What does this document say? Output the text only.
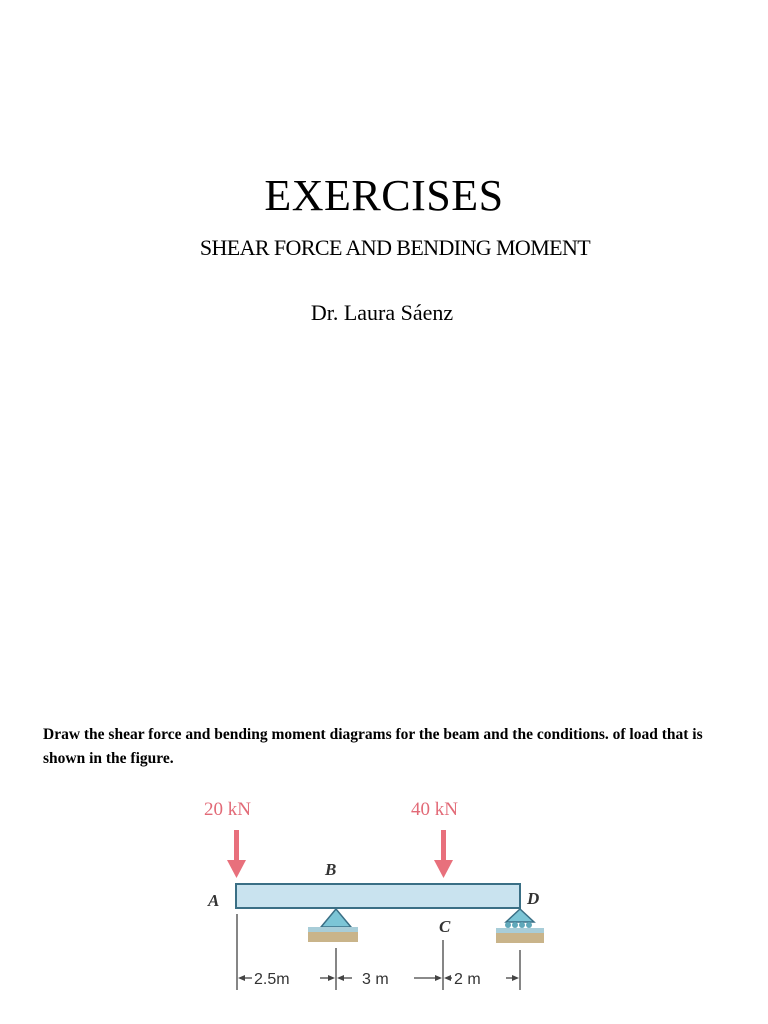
EXERCISES
SHEAR FORCE AND BENDING MOMENT
Dr. Laura Sáenz
Draw the shear force and bending moment diagrams for the beam and the conditions. of load that is shown in the figure.
20 kN	40 kN
B
A
C
D
2.5m	3 m	2 m
